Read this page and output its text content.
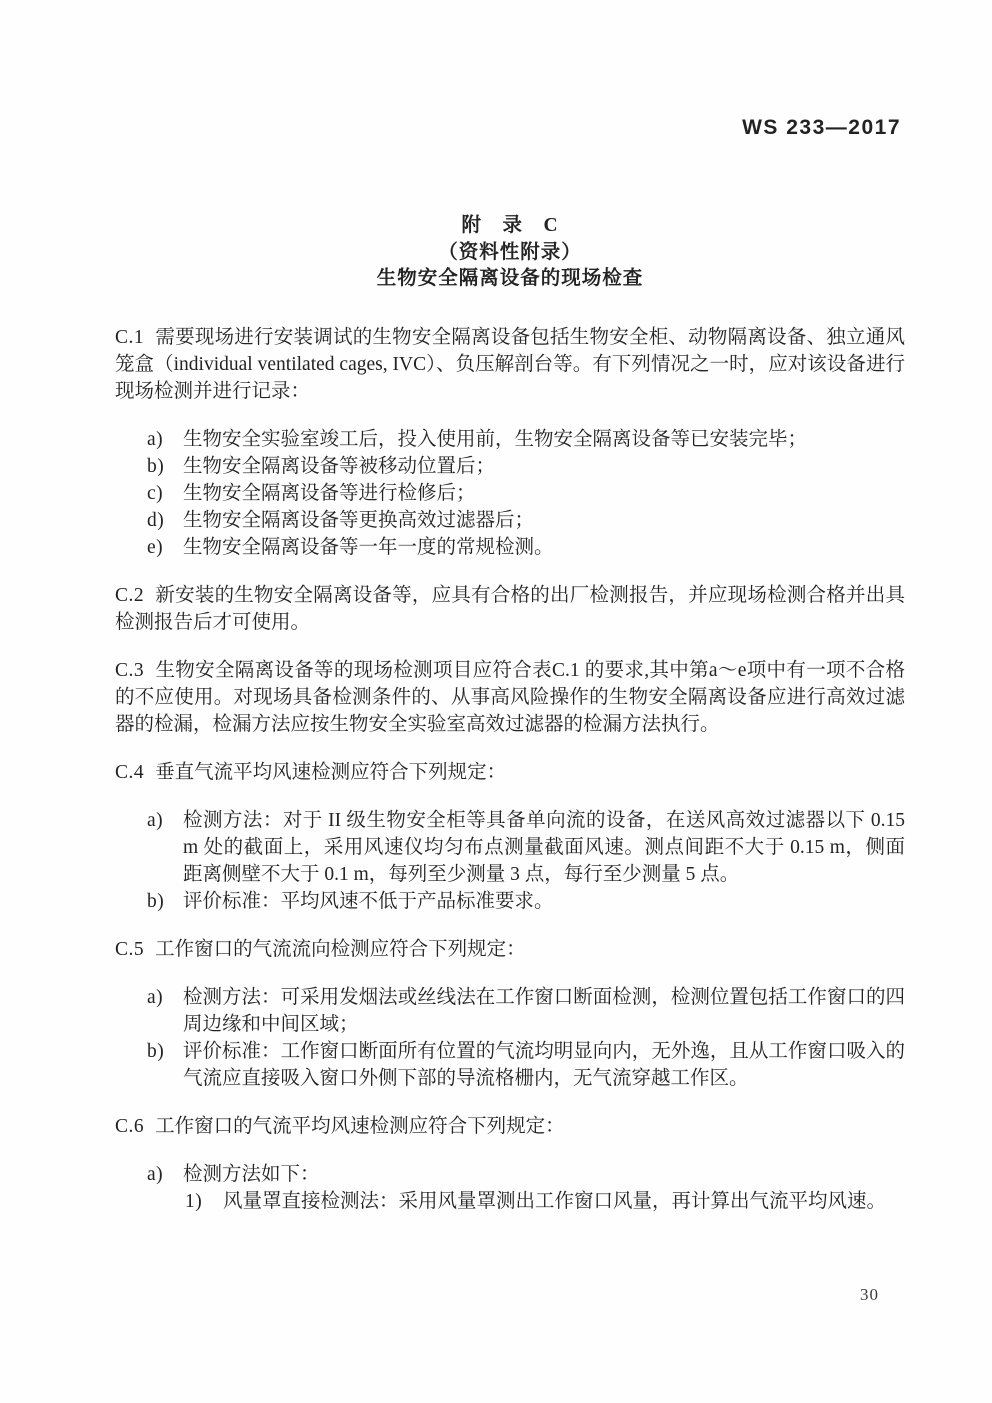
WS 233—2017
附　录　C
（资料性附录）
生物安全隔离设备的现场检查

C.1 需要现场进行安装调试的生物安全隔离设备包括生物安全柜、动物隔离设备、独立通风笼盒（individual ventilated cages, IVC）、负压解剖台等。有下列情况之一时，应对该设备进行现场检测并进行记录：

a)	生物安全实验室竣工后，投入使用前，生物安全隔离设备等已安装完毕；
b) 生物安全隔离设备等被移动位置后；
c)	生物安全隔离设备等进行检修后；
d) 生物安全隔离设备等更换高效过滤器后；
e)	生物安全隔离设备等一年一度的常规检测。

C.2 新安装的生物安全隔离设备等，应具有合格的出厂检测报告，并应现场检测合格并出具检测报告后才可使用。

C.3 生物安全隔离设备等的现场检测项目应符合表C.1 的要求,其中第a～e项中有一项不合格的不应使用。对现场具备检测条件的、从事高风险操作的生物安全隔离设备应进行高效过滤器的检漏，检漏方法应按生物安全实验室高效过滤器的检漏方法执行。

C.4 垂直气流平均风速检测应符合下列规定：

a)	检测方法：对于 II 级生物安全柜等具备单向流的设备，在送风高效过滤器以下 0.15 m 处的截面上，采用风速仪均匀布点测量截面风速。测点间距不大于 0.15 m，侧面距离侧壁不大于 0.1 m，每列至少测量 3 点，每行至少测量 5 点。
b) 评价标准：平均风速不低于产品标准要求。

C.5 工作窗口的气流流向检测应符合下列规定：

a)	检测方法：可采用发烟法或丝线法在工作窗口断面检测，检测位置包括工作窗口的四周边缘和中间区域；
b) 评价标准：工作窗口断面所有位置的气流均明显向内，无外逸，且从工作窗口吸入的气流应直接吸入窗口外侧下部的导流格栅内，无气流穿越工作区。

C.6 工作窗口的气流平均风速检测应符合下列规定：

a)	检测方法如下：
1)	风量罩直接检测法：采用风量罩测出工作窗口风量，再计算出气流平均风速。
30
